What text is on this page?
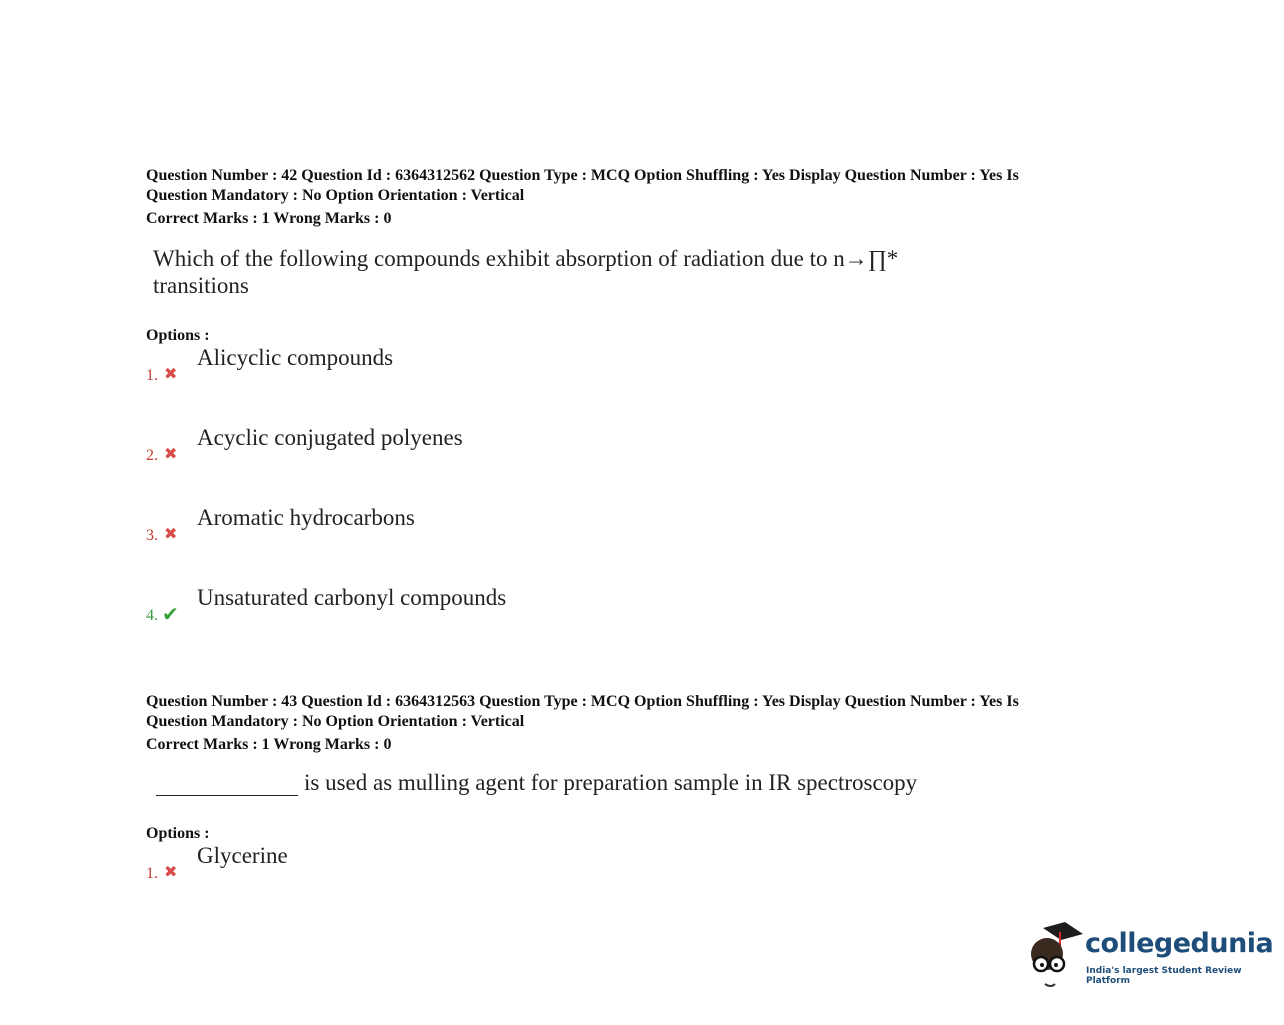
Question Number : 42 Question Id : 6364312562 Question Type : MCQ Option Shuffling : Yes Display Question Number : Yes Is
Question Mandatory : No Option Orientation : Vertical

Correct Marks : 1 Wrong Marks : 0
Which of the following compounds exhibit absorption of radiation due to n→∏*
transitions
Options :
1. ✖
Alicyclic compounds
2. ✖
Acyclic conjugated polyenes
3. ✖
Aromatic hydrocarbons
4. ✔
Unsaturated carbonyl compounds

Question Number : 43 Question Id : 6364312563 Question Type : MCQ Option Shuffling : Yes Display Question Number : Yes Is
Question Mandatory : No Option Orientation : Vertical

Correct Marks : 1 Wrong Marks : 0
is used as mulling agent for preparation sample in IR spectroscopy
Options :
1. ✖
Glycerine
collegedunia
India's largest Student Review Platform
